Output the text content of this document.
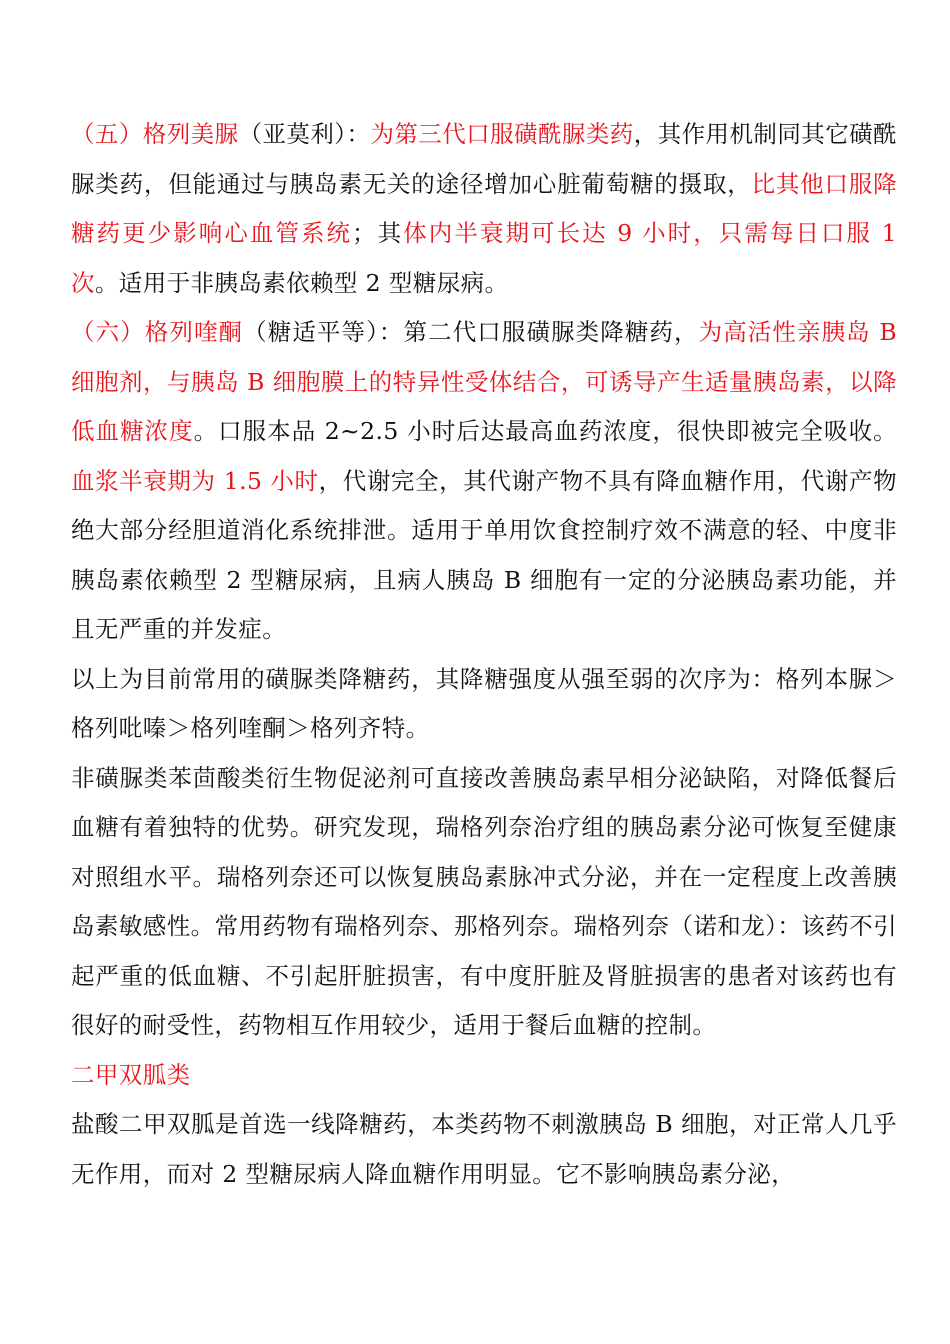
（五）格列美脲（亚莫利）：为第三代口服磺酰脲类药，其作用机制同其它磺酰脲类药，但能通过与胰岛素无关的途径增加心脏葡萄糖的摄取，比其他口服降糖药更少影响心血管系统；其体内半衰期可长达 9 小时，只需每日口服 1 次。适用于非胰岛素依赖型 2 型糖尿病。

（六）格列喹酮（糖适平等）：第二代口服磺脲类降糖药，为高活性亲胰岛 B 细胞剂，与胰岛 B 细胞膜上的特异性受体结合，可诱导产生适量胰岛素，以降低血糖浓度。口服本品 2~2.5 小时后达最高血药浓度，很快即被完全吸收。血浆半衰期为 1.5 小时，代谢完全，其代谢产物不具有降血糖作用，代谢产物绝大部分经胆道消化系统排泄。适用于单用饮食控制疗效不满意的轻、中度非胰岛素依赖型 2 型糖尿病，且病人胰岛 B 细胞有一定的分泌胰岛素功能，并且无严重的并发症。

以上为目前常用的磺脲类降糖药，其降糖强度从强至弱的次序为：格列本脲＞格列吡嗪＞格列喹酮＞格列齐特。

非磺脲类苯茴酸类衍生物促泌剂可直接改善胰岛素早相分泌缺陷，对降低餐后血糖有着独特的优势。研究发现，瑞格列奈治疗组的胰岛素分泌可恢复至健康对照组水平。瑞格列奈还可以恢复胰岛素脉冲式分泌，并在一定程度上改善胰岛素敏感性。常用药物有瑞格列奈、那格列奈。瑞格列奈（诺和龙）：该药不引起严重的低血糖、不引起肝脏损害，有中度肝脏及肾脏损害的患者对该药也有很好的耐受性，药物相互作用较少，适用于餐后血糖的控制。

二甲双胍类

盐酸二甲双胍是首选一线降糖药，本类药物不刺激胰岛 B 细胞，对正常人几乎无作用，而对 2 型糖尿病人降血糖作用明显。它不影响胰岛素分泌，
